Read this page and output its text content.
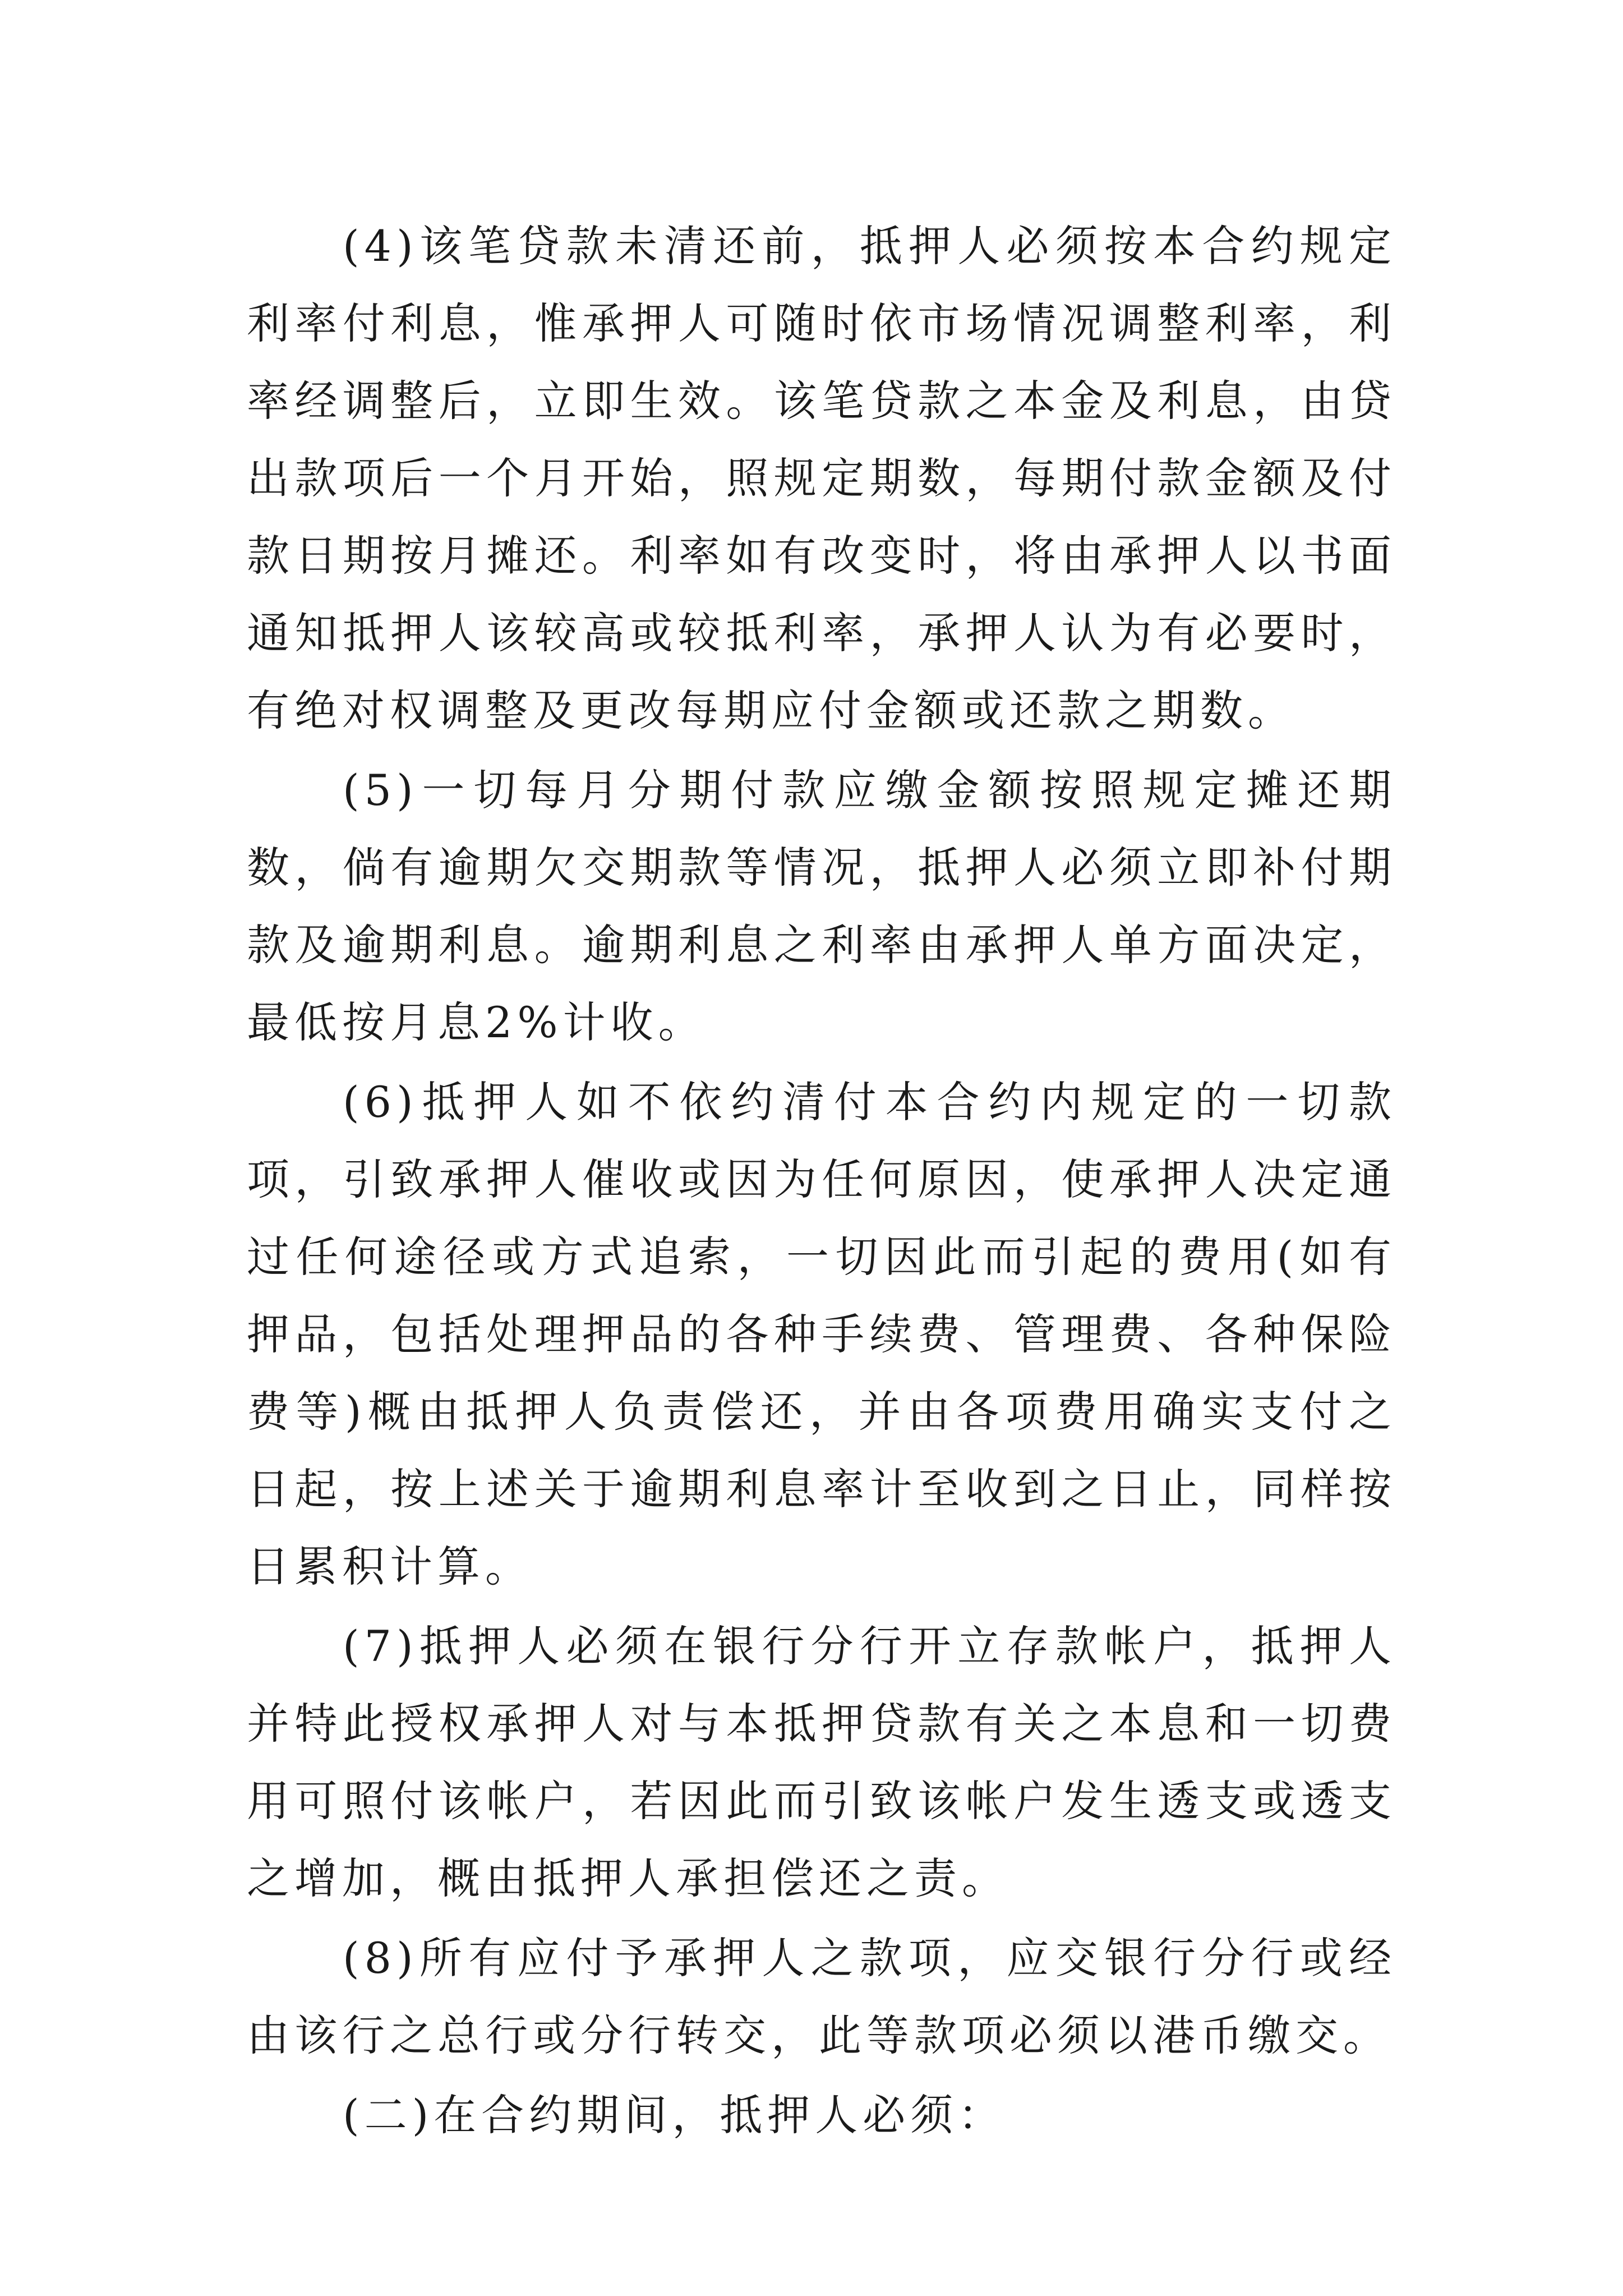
(4)该笔贷款未清还前，抵押人必须按本合约规定利率付利息，惟承押人可随时依市场情况调整利率，利率经调整后，立即生效。该笔贷款之本金及利息，由贷出款项后一个月开始，照规定期数，每期付款金额及付款日期按月摊还。利率如有改变时，将由承押人以书面通知抵押人该较高或较抵利率，承押人认为有必要时，有绝对权调整及更改每期应付金额或还款之期数。

(5)一切每月分期付款应缴金额按照规定摊还期数，倘有逾期欠交期款等情况，抵押人必须立即补付期款及逾期利息。逾期利息之利率由承押人单方面决定，最低按月息2%计收。

(6)抵押人如不依约清付本合约内规定的一切款项，引致承押人催收或因为任何原因，使承押人决定通过任何途径或方式追索，一切因此而引起的费用(如有押品，包括处理押品的各种手续费、管理费、各种保险费等)概由抵押人负责偿还，并由各项费用确实支付之日起，按上述关于逾期利息率计至收到之日止，同样按日累积计算。

(7)抵押人必须在银行分行开立存款帐户，抵押人并特此授权承押人对与本抵押贷款有关之本息和一切费用可照付该帐户，若因此而引致该帐户发生透支或透支之增加，概由抵押人承担偿还之责。

(8)所有应付予承押人之款项，应交银行分行或经由该行之总行或分行转交，此等款项必须以港币缴交。

(二)在合约期间，抵押人必须：
